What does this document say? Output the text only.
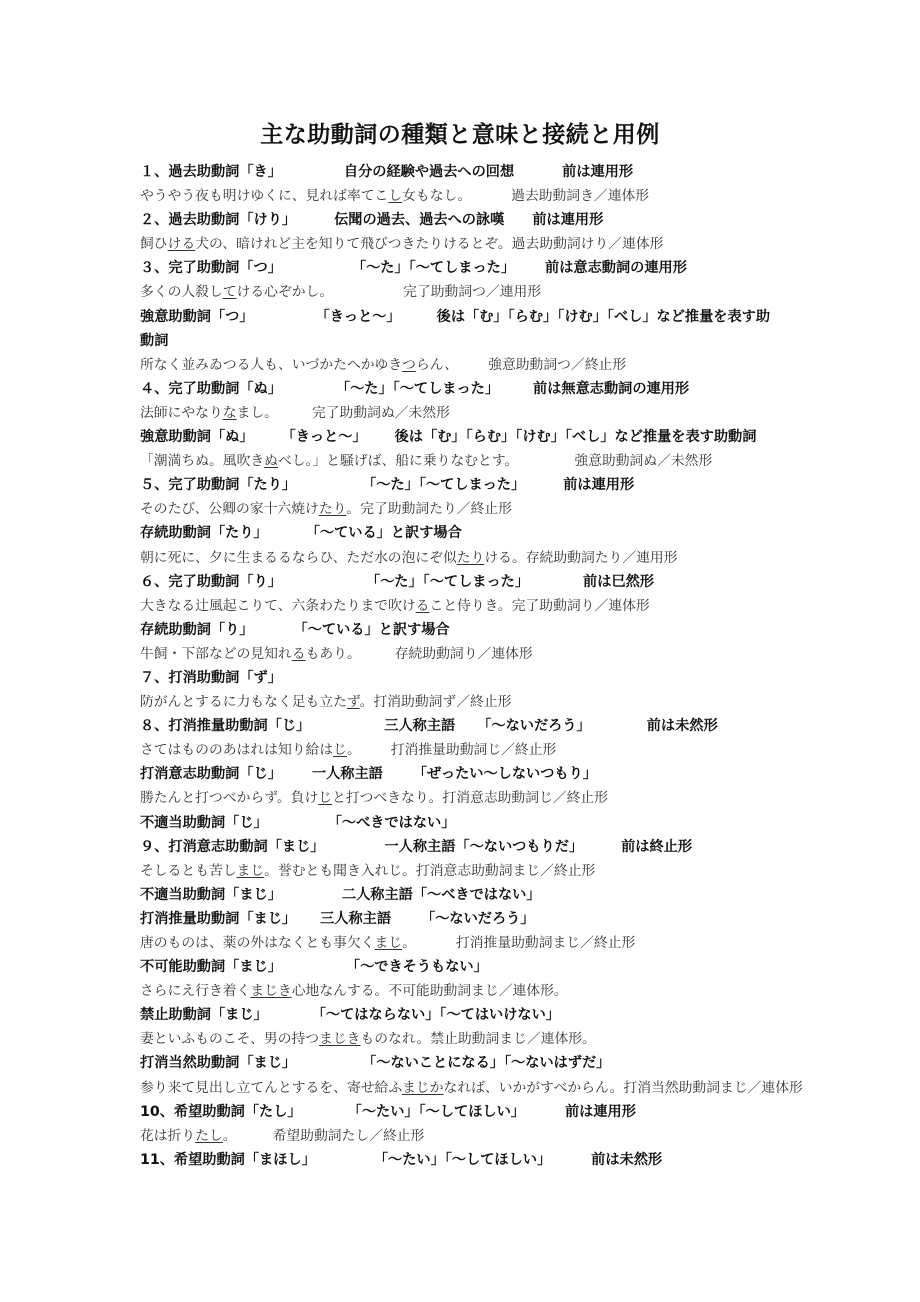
主な助動詞の種類と意味と接続と用例
１、過去助動詞「き」	自分の経験や過去への回想	前は連用形
やうやう夜も明けゆくに、見れば率てこし女もなし。	過去助動詞き／連体形
２、過去助動詞「けり」	伝聞の過去、過去への詠嘆 前は連用形
飼ひける犬の、暗けれど主を知りて飛びつきたりけるとぞ。過去助動詞けり／連体形
３、完了助動詞「つ」	「～た」「～てしまった」 前は意志動詞の連用形
多くの人殺してける心ぞかし。	完了助動詞つ／連用形
強意助動詞「つ」	「きっと～」	後は「む」「らむ」「けむ」「べし」など推量を表す助
動詞
所なく並みゐつる人も、いづかたへかゆきつらん、 強意助動詞つ／終止形
４、完了助動詞「ぬ」	「～た」「～てしまった」 前は無意志動詞の連用形
法師にやなりなまし。 完了助動詞ぬ／未然形
強意助動詞「ぬ」 「きっと～」 後は「む」「らむ」「けむ」「べし」など推量を表す助動詞
「潮満ちぬ。風吹きぬべし。」と騒げば、船に乗りなむとす。	強意助動詞ぬ／未然形
５、完了助動詞「たり」	「～た」「～てしまった」	前は連用形
そのたび、公卿の家十六焼けたり。完了助動詞たり／終止形
存続助動詞「たり」	「～ている」と訳す場合
朝に死に、夕に生まるるならひ、ただ水の泡にぞ似たりける。存続助動詞たり／連用形
６、完了助動詞「り」	「～た」「～てしまった」	前は巳然形
大きなる辻風起こりて、六条わたりまで吹けること侍りき。完了助動詞り／連体形
存続助動詞「り」	「～ている」と訳す場合
牛飼・下部などの見知れるもあり。 存続助動詞り／連体形
７、打消助動詞「ず」
防がんとするに力もなく足も立たず。打消助動詞ず／終止形
８、打消推量助動詞「じ」	三人称主語 「～ないだろう」	前は未然形
さてはもののあはれは知り給はじ。 打消推量助動詞じ／終止形
打消意志助動詞「じ」 一人称主語 「ぜったい～しないつもり」
勝たんと打つべからず。負けじと打つべきなり。打消意志助動詞じ／終止形
不適当助動詞「じ」	「～べきではない」
９、打消意志助動詞「まじ」	一人称主語「～ないつもりだ」	前は終止形
そしるとも苦しまじ。誉むとも聞き入れじ。打消意志助動詞まじ／終止形
不適当助動詞「まじ」	二人称主語「～べきではない」
打消推量助動詞「まじ」 三人称主語 「～ないだろう」
唐のものは、薬の外はなくとも事欠くまじ。	打消推量助動詞まじ／終止形
不可能助動詞「まじ」	「～できそうもない」
さらにえ行き着くまじき心地なんする。不可能助動詞まじ／連体形。
禁止助動詞「まじ」	「～てはならない」「～てはいけない」
妻といふものこそ、男の持つまじきものなれ。禁止助動詞まじ／連体形。
打消当然助動詞「まじ」	「～ないことになる」「～ないはずだ」
参り来て見出し立てんとするを、寄せ給ふまじかなれば、いかがすべからん。打消当然助動詞まじ／連体形
10、希望助動詞「たし」	「～たい」「～してほしい」	前は連用形
花は折りたし。	希望助動詞たし／終止形
11、希望助動詞「まほし」	「～たい」「～してほしい」	前は未然形
